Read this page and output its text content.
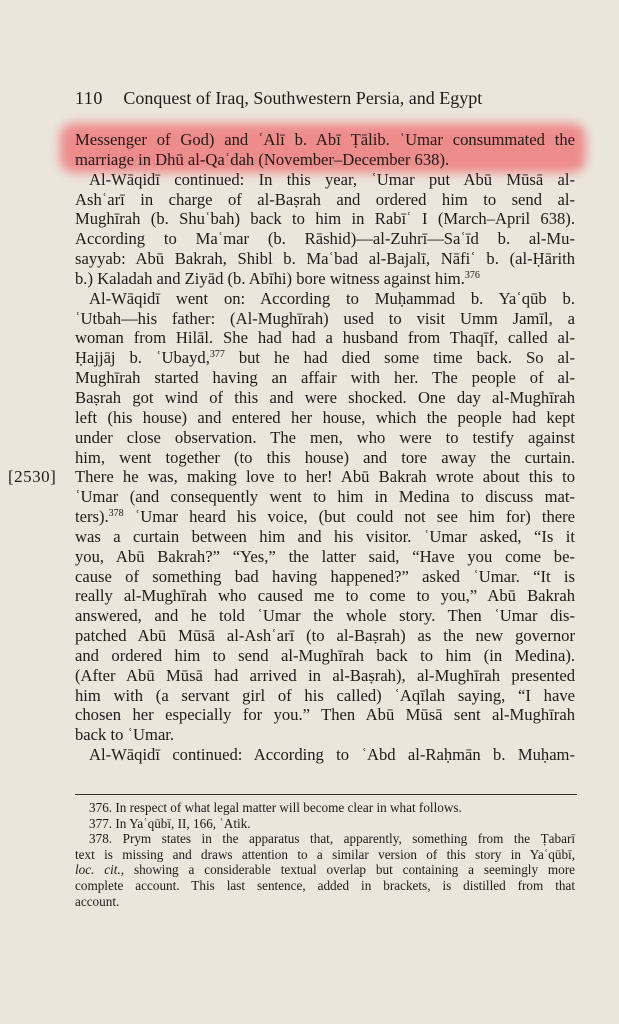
110 Conquest of Iraq, Southwestern Persia, and Egypt
[2530]
Messenger of God) and ʿAlī b. Abī Ṭālib. ʿUmar consummated the
marriage in Dhū al-Qaʿdah (November–December 638).
Al-Wāqidī continued: In this year, ʿUmar put Abū Mūsā al-
Ashʿarī in charge of al-Baṣrah and ordered him to send al-
Mughīrah (b. Shuʿbah) back to him in Rabīʿ I (March–April 638).
According to Maʿmar (b. Rāshid)—al-Zuhrī—Saʿīd b. al-Mu-
sayyab: Abū Bakrah, Shibl b. Maʿbad al-Bajalī, Nāfiʿ b. (al-Ḥārith
b.) Kaladah and Ziyād (b. Abīhi) bore witness against him.$^{376}$
Al-Wāqidī went on: According to Muḥammad b. Yaʿqūb b.
ʿUtbah—his father: (Al-Mughīrah) used to visit Umm Jamīl, a
woman from Hilāl. She had had a husband from Thaqīf, called al-
Ḥajjāj b. ʿUbayd,$^{377}$ but he had died some time back. So al-
Mughīrah started having an affair with her. The people of al-
Baṣrah got wind of this and were shocked. One day al-Mughīrah
left (his house) and entered her house, which the people had kept
under close observation. The men, who were to testify against
him, went together (to this house) and tore away the curtain.
There he was, making love to her! Abū Bakrah wrote about this to
ʿUmar (and consequently went to him in Medina to discuss mat-
ters).$^{378}$ ʿUmar heard his voice, (but could not see him for) there
was a curtain between him and his visitor. ʿUmar asked, “Is it
you, Abū Bakrah?” “Yes,” the latter said, “Have you come be-
cause of something bad having happened?” asked ʿUmar. “It is
really al-Mughīrah who caused me to come to you,” Abū Bakrah
answered, and he told ʿUmar the whole story. Then ʿUmar dis-
patched Abū Mūsā al-Ashʿarī (to al-Baṣrah) as the new governor
and ordered him to send al-Mughīrah back to him (in Medina).
(After Abū Mūsā had arrived in al-Baṣrah), al-Mughīrah presented
him with (a servant girl of his called) ʿAqīlah saying, “I have
chosen her especially for you.” Then Abū Mūsā sent al-Mughīrah
back to ʿUmar.
Al-Wāqidī continued: According to ʿAbd al-Raḥmān b. Muḥam-
376. In respect of what legal matter will become clear in what follows.
377. In Yaʿqūbī, II, 166, ʿAtik.
378. Prym states in the apparatus that, apparently, something from the Ṭabarī
text is missing and draws attention to a similar version of this story in Yaʿqūbī,
loc. cit., showing a considerable textual overlap but containing a seemingly more
complete account. This last sentence, added in brackets, is distilled from that
account.
